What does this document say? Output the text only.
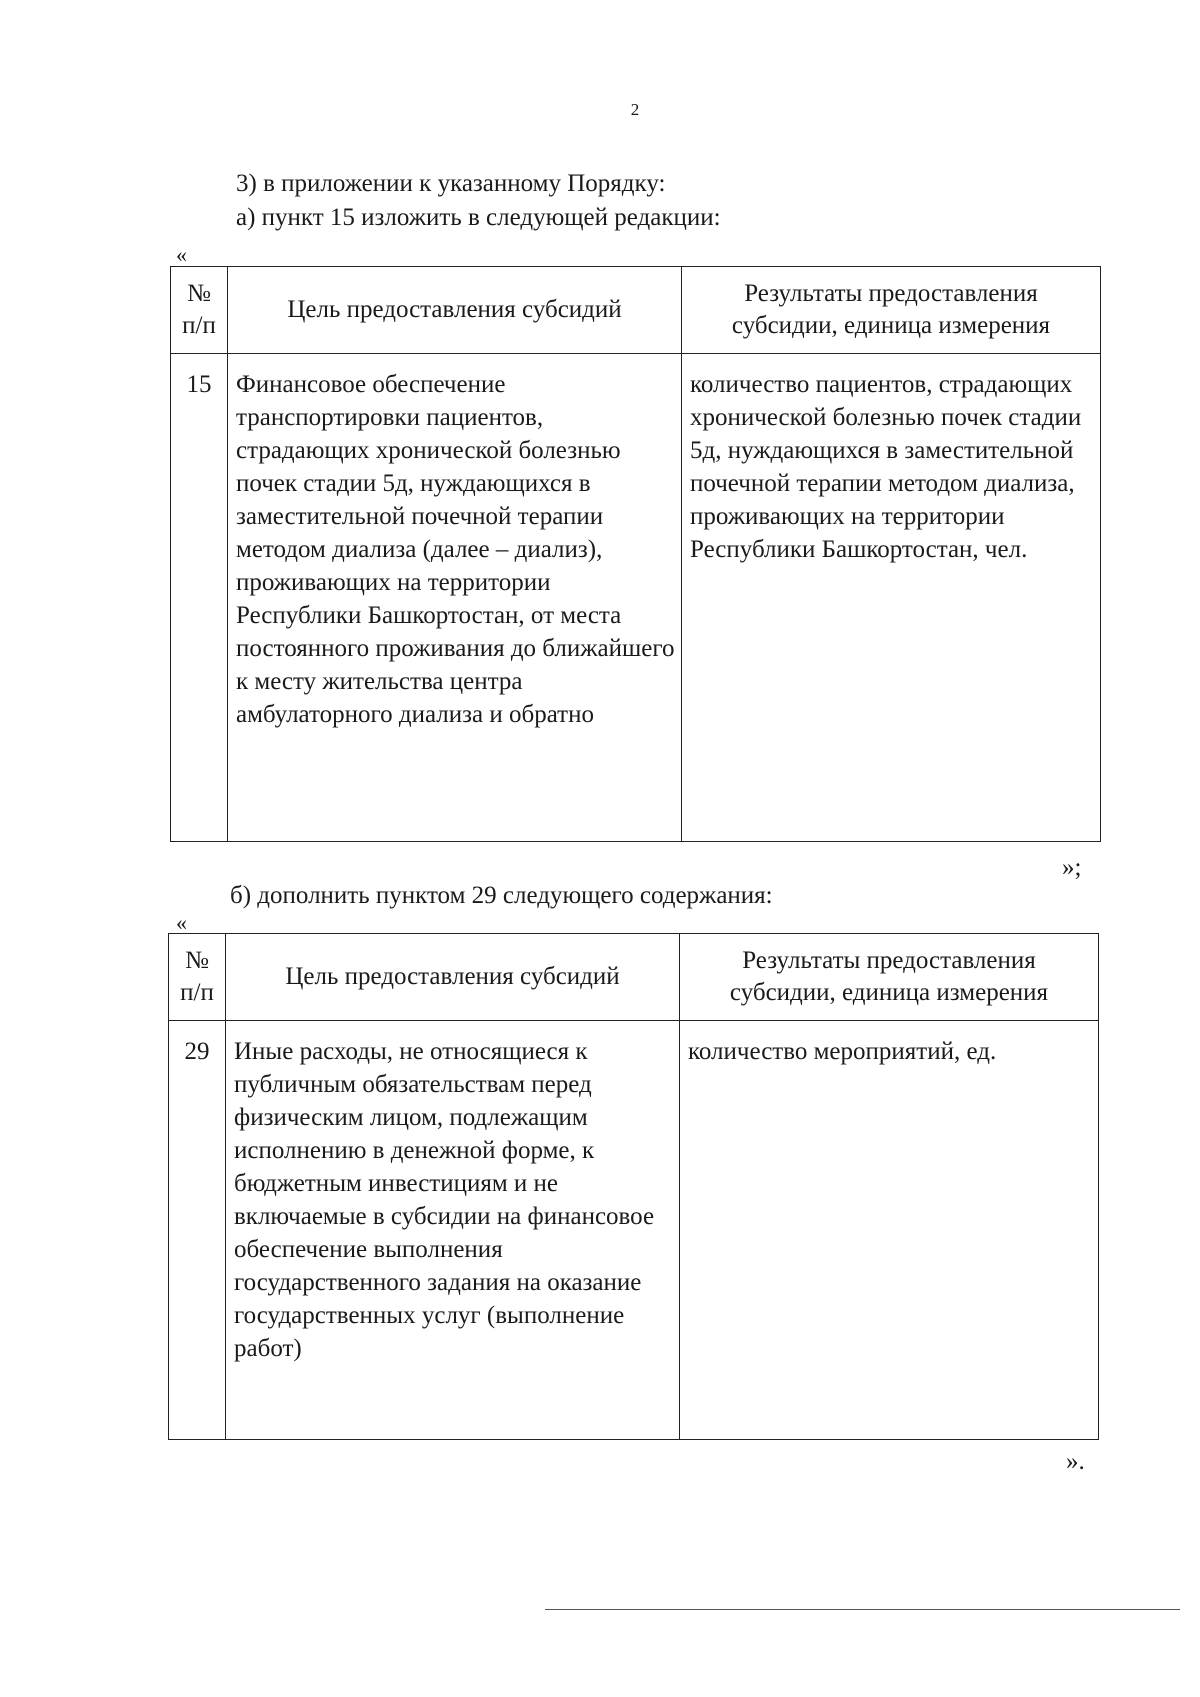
2
3) в приложении к указанному Порядку:
а) пункт 15 изложить в следующей редакции:
«
№ п/п	Цель предоставления субсидий	Результаты предоставления субсидии, единица измерения
15	Финансовое обеспечение транспортировки пациентов, страдающих хронической болезнью почек стадии 5д, нуждающихся в заместительной почечной терапии методом диализа (далее – диализ), проживающих на территории Республики Башкортостан, от места постоянного проживания до ближайшего к месту жительства центра амбулаторного диализа и обратно	количество пациентов, страдающих хронической болезнью почек стадии 5д, нуждающихся в заместительной почечной терапии методом диализа, проживающих на территории Республики Башкортостан, чел.
»;
б) дополнить пунктом 29 следующего содержания:
«
№ п/п	Цель предоставления субсидий	Результаты предоставления субсидии, единица измерения
29	Иные расходы, не относящиеся к публичным обязательствам перед физическим лицом, подлежащим исполнению в денежной форме, к бюджетным инвестициям и не включаемые в субсидии на финансовое обеспечение выполнения государственного задания на оказание государственных услуг (выполнение работ)	количество мероприятий, ед.
».
